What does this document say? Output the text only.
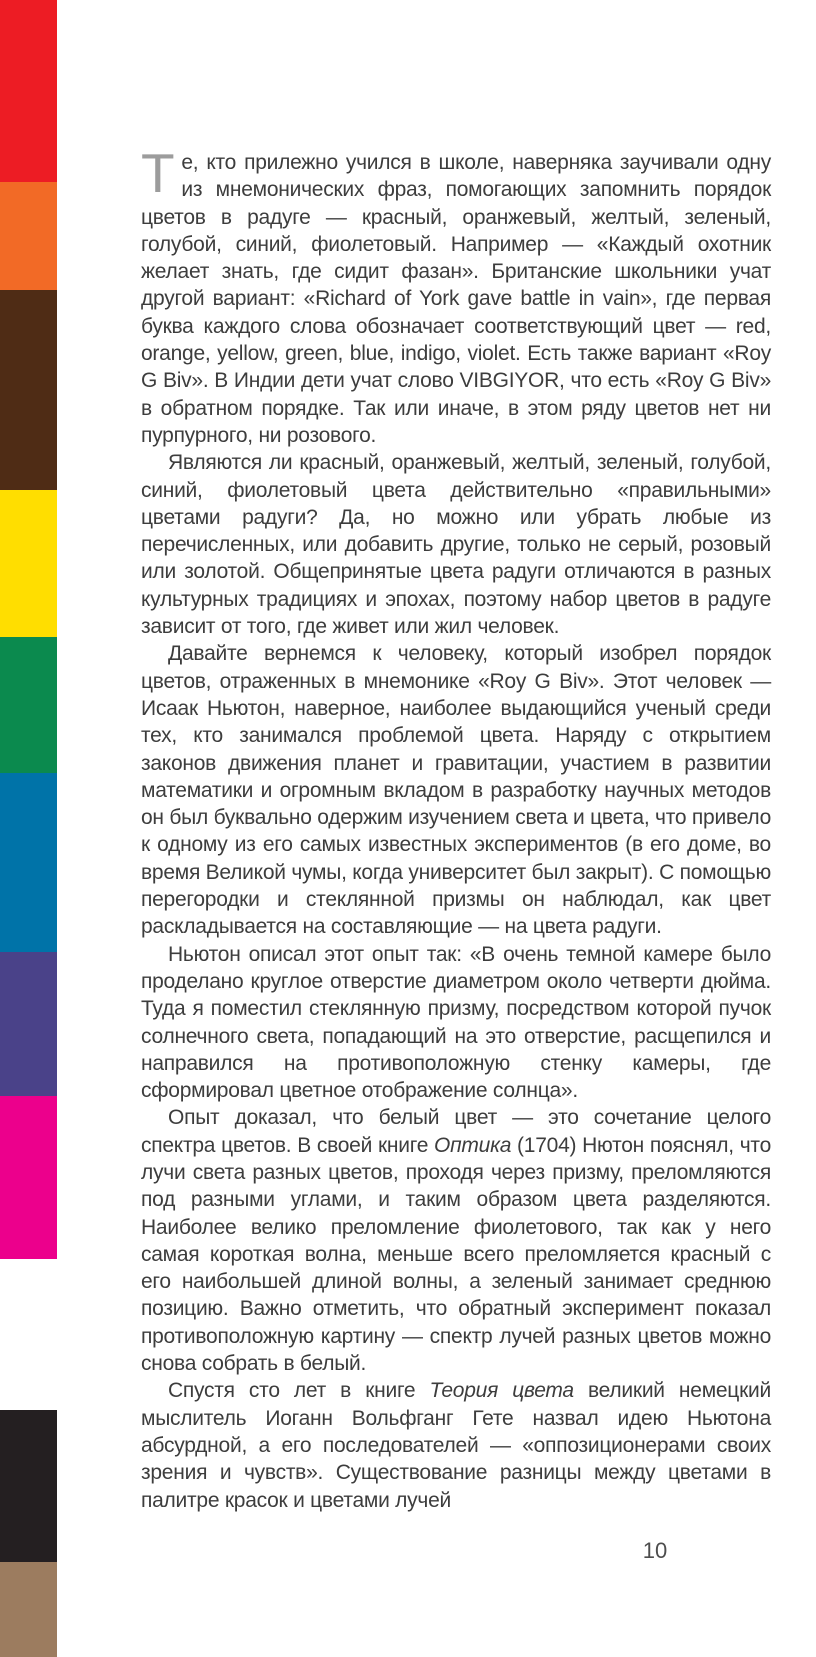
Те, кто прилежно учился в школе, наверняка заучивали одну из мнемонических фраз, помогающих запомнить порядок цветов в радуге — красный, оранжевый, желтый, зеленый, голубой, синий, фиолетовый. Например — «Каждый охотник желает знать, где сидит фазан». Британские школьники учат другой вариант: «Richard of York gave battle in vain», где первая буква каждого слова обозначает соответствующий цвет — red, orange, yellow, green, blue, indigo, violet. Есть также вариант «Roy G Biv». В Индии дети учат слово VIBGIYOR, что есть «Roy G Biv» в обратном порядке. Так или иначе, в этом ряду цветов нет ни пурпурного, ни розового.

Являются ли красный, оранжевый, желтый, зеленый, голубой, синий, фиолетовый цвета действительно «правильными» цветами радуги? Да, но можно или убрать любые из перечисленных, или добавить другие, только не серый, розовый или золотой. Общепринятые цвета радуги отличаются в разных культурных традициях и эпохах, поэтому набор цветов в радуге зависит от того, где живет или жил человек.

Давайте вернемся к человеку, который изобрел порядок цветов, отраженных в мнемонике «Roy G Biv». Этот человек — Исаак Ньютон, наверное, наиболее выдающийся ученый среди тех, кто занимался проблемой цвета. Наряду с открытием законов движения планет и гравитации, участием в развитии математики и огромным вкладом в разработку научных методов он был буквально одержим изучением света и цвета, что привело к одному из его самых известных экспериментов (в его доме, во время Великой чумы, когда университет был закрыт). С помощью перегородки и стеклянной призмы он наблюдал, как цвет раскладывается на составляющие — на цвета радуги.

Ньютон описал этот опыт так: «В очень темной камере было проделано круглое отверстие диаметром около четверти дюйма. Туда я поместил стеклянную призму, посредством которой пучок солнечного света, попадающий на это отверстие, расщепился и направился на противоположную стенку камеры, где сформировал цветное отображение солнца».

Опыт доказал, что белый цвет — это сочетание целого спектра цветов. В своей книге Оптика (1704) Нютон пояснял, что лучи света разных цветов, проходя через призму, преломляются под разными углами, и таким образом цвета разделяются. Наиболее велико преломление фиолетового, так как у него самая короткая волна, меньше всего преломляется красный с его наибольшей длиной волны, а зеленый занимает среднюю позицию. Важно отметить, что обратный эксперимент показал противоположную картину — спектр лучей разных цветов можно снова собрать в белый.

Спустя сто лет в книге Теория цвета великий немецкий мыслитель Иоганн Вольфганг Гете назвал идею Ньютона абсурдной, а его последователей — «оппозиционерами своих зрения и чувств». Существование разницы между цветами в палитре красок и цветами лучей

10
